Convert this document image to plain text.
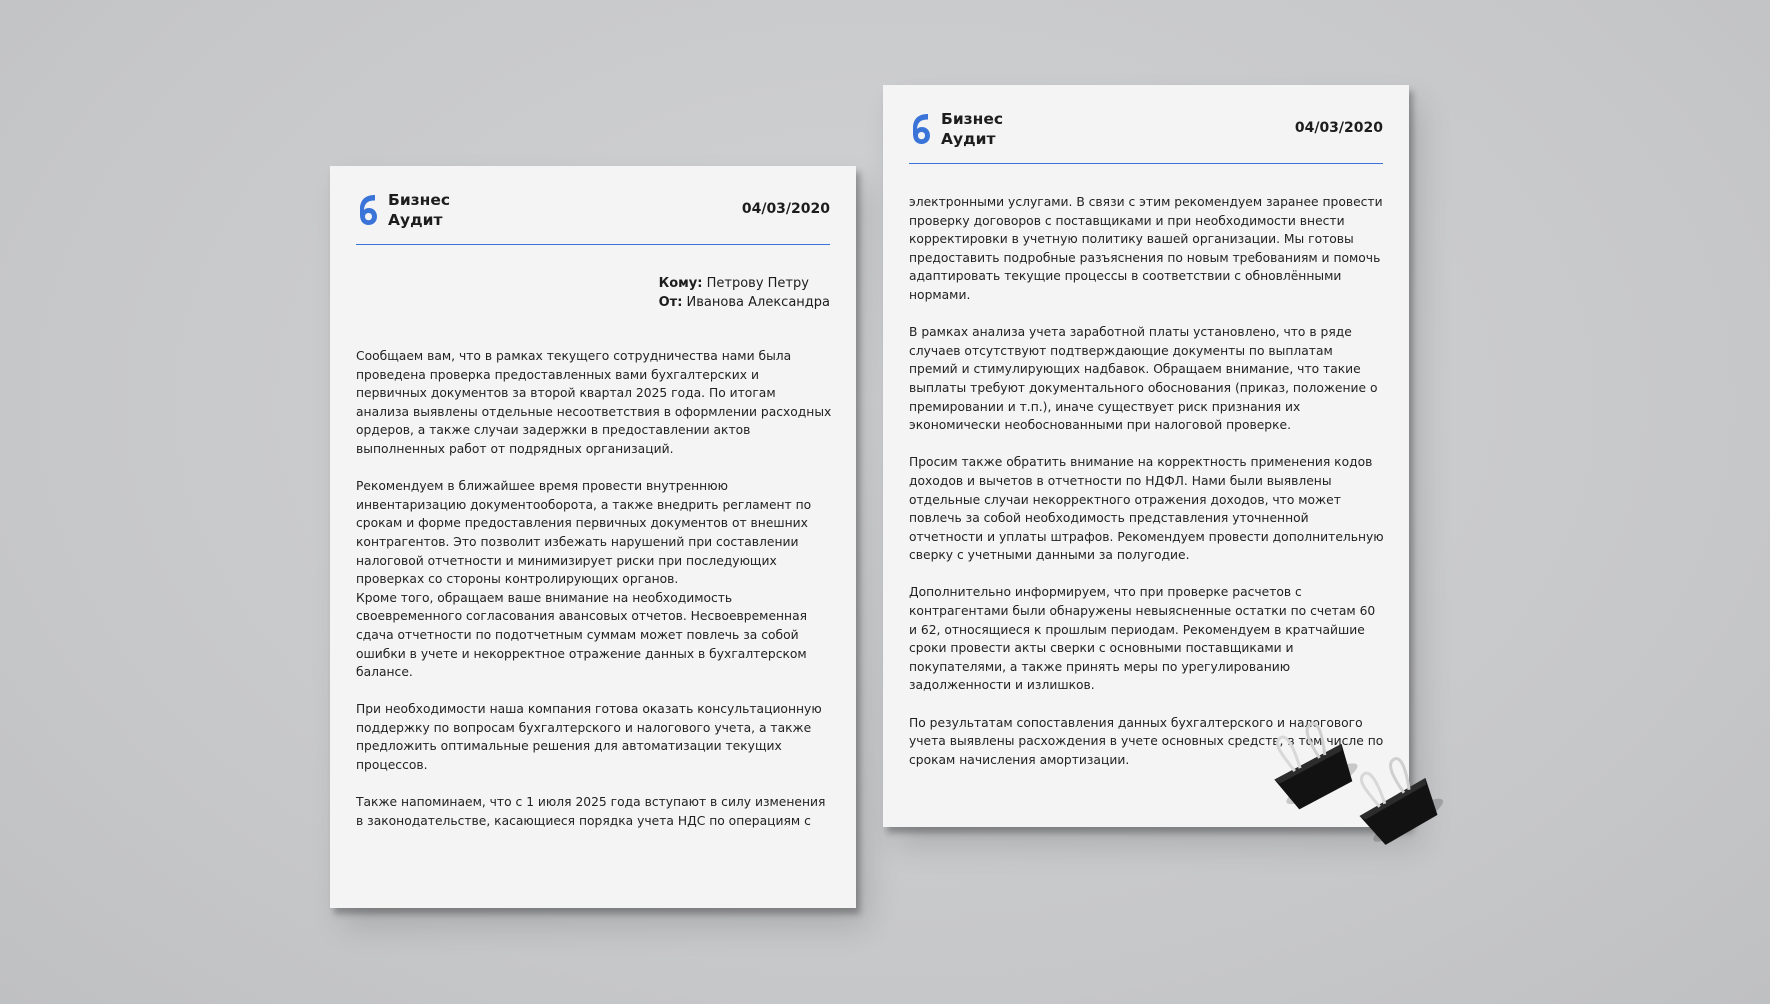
Бизнес
Аудит
04/03/2020
Кому: Петрову Петру
От: Иванова Александра

Сообщаем вам, что в рамках текущего сотрудничества нами была проведена проверка предоставленных вами бухгалтерских и первичных документов за второй квартал 2025 года. По итогам анализа выявлены отдельные несоответствия в оформлении расходных ордеров, а также случаи задержки в предоставлении актов выполненных работ от подрядных организаций.

Рекомендуем в ближайшее время провести внутреннюю инвентаризацию документооборота, а также внедрить регламент по срокам и форме предоставления первичных документов от внешних контрагентов. Это позволит избежать нарушений при составлении налоговой отчетности и минимизирует риски при последующих проверках со стороны контролирующих органов.

Кроме того, обращаем ваше внимание на необходимость своевременного согласования авансовых отчетов. Несвоевременная сдача отчетности по подотчетным суммам может повлечь за собой ошибки в учете и некорректное отражение данных в бухгалтерском балансе.

При необходимости наша компания готова оказать консультационную поддержку по вопросам бухгалтерского и налогового учета, а также предложить оптимальные решения для автоматизации текущих процессов.

Также напоминаем, что с 1 июля 2025 года вступают в силу изменения в законодательстве, касающиеся порядка учета НДС по операциям с

Бизнес
Аудит
04/03/2020

электронными услугами. В связи с этим рекомендуем заранее провести проверку договоров с поставщиками и при необходимости внести корректировки в учетную политику вашей организации. Мы готовы предоставить подробные разъяснения по новым требованиям и помочь адаптировать текущие процессы в соответствии с обновлёнными нормами.

В рамках анализа учета заработной платы установлено, что в ряде случаев отсутствуют подтверждающие документы по выплатам премий и стимулирующих надбавок. Обращаем внимание, что такие выплаты требуют документального обоснования (приказ, положение о премировании и т.п.), иначе существует риск признания их экономически необоснованными при налоговой проверке.

Просим также обратить внимание на корректность применения кодов доходов и вычетов в отчетности по НДФЛ. Нами были выявлены отдельные случаи некорректного отражения доходов, что может повлечь за собой необходимость представления уточненной отчетности и уплаты штрафов. Рекомендуем провести дополнительную сверку с учетными данными за полугодие.

Дополнительно информируем, что при проверке расчетов с контрагентами были обнаружены невыясненные остатки по счетам 60 и 62, относящиеся к прошлым периодам. Рекомендуем в кратчайшие сроки провести акты сверки с основными поставщиками и покупателями, а также принять меры по урегулированию задолженности и излишков.

По результатам сопоставления данных бухгалтерского и налогового учета выявлены расхождения в учете основных средств, в том числе по срокам начисления амортизации.
